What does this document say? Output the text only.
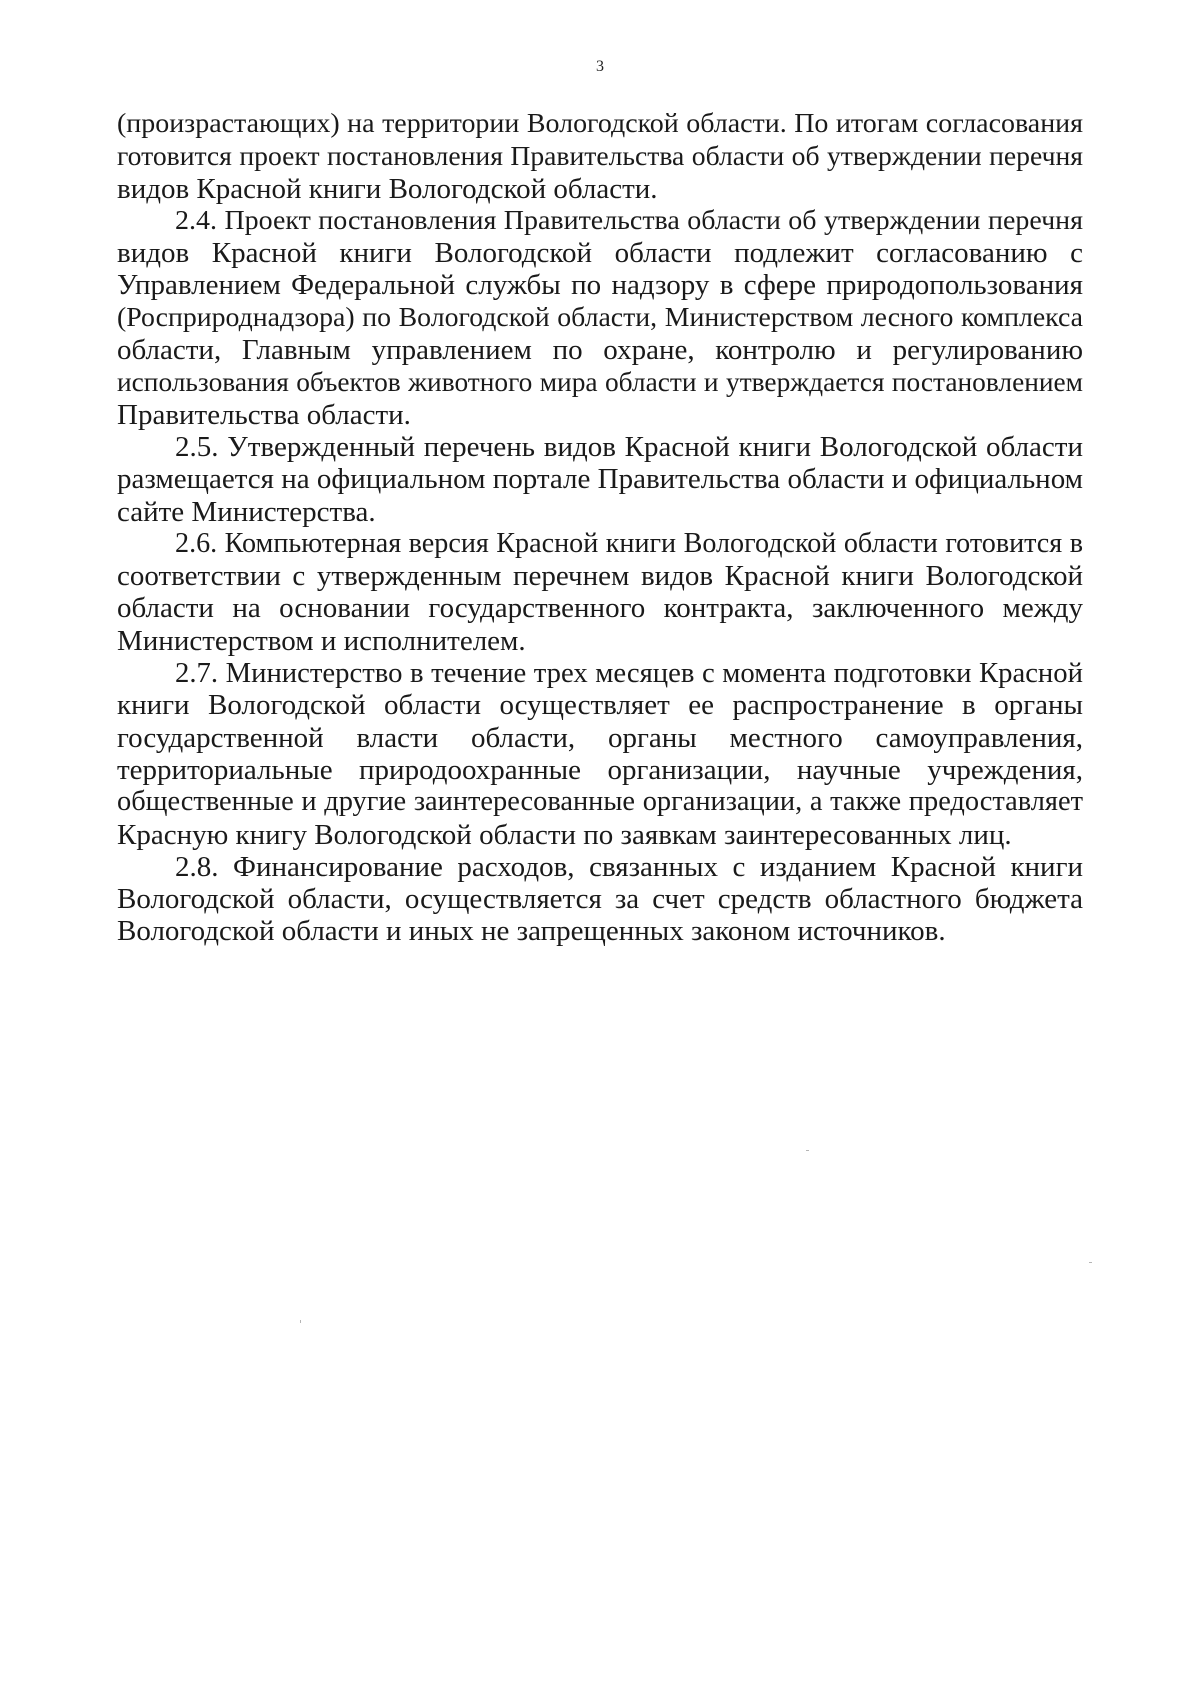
3
(произрастающих) на территории Вологодской области. По итогам согласования
готовится проект постановления Правительства области об утверждении перечня
видов Красной книги Вологодской области.
2.4. Проект постановления Правительства области об утверждении перечня
видов Красной книги Вологодской области подлежит согласованию с
Управлением Федеральной службы по надзору в сфере природопользования
(Росприроднадзора) по Вологодской области, Министерством лесного комплекса
области, Главным управлением по охране, контролю и регулированию
использования объектов животного мира области и утверждается постановлением
Правительства области.
2.5. Утвержденный перечень видов Красной книги Вологодской области
размещается на официальном портале Правительства области и официальном
сайте Министерства.
2.6. Компьютерная версия Красной книги Вологодской области готовится в
соответствии с утвержденным перечнем видов Красной книги Вологодской
области на основании государственного контракта, заключенного между
Министерством и исполнителем.
2.7. Министерство в течение трех месяцев с момента подготовки Красной
книги Вологодской области осуществляет ее распространение в органы
государственной власти области, органы местного самоуправления,
территориальные природоохранные организации, научные учреждения,
общественные и другие заинтересованные организации, а также предоставляет
Красную книгу Вологодской области по заявкам заинтересованных лиц.
2.8. Финансирование расходов, связанных с изданием Красной книги
Вологодской области, осуществляется за счет средств областного бюджета
Вологодской области и иных не запрещенных законом источников.
